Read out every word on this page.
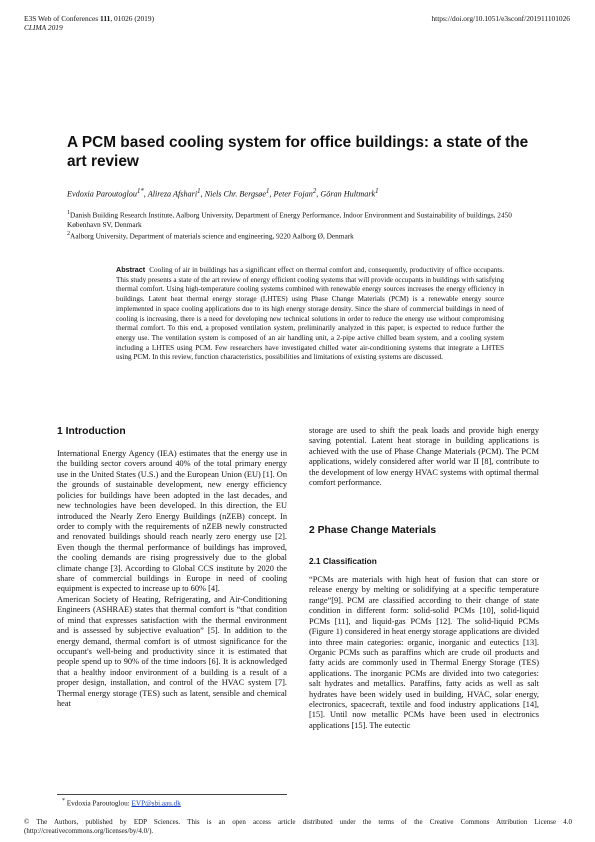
E3S Web of Conferences 111, 01026 (2019)
CLIMA 2019
https://doi.org/10.1051/e3sconf/201911101026
A PCM based cooling system for office buildings: a state of the art review
Evdoxia Paroutoglou$^{1*}$, Alireza Afshari$^1$, Niels Chr. Bergsøe$^1$, Peter Fojan$^2$, Göran Hultmark$^1$
$^1$Danish Building Research Institute, Aalborg University, Department of Energy Performance, Indoor Environment and Sustainability of buildings, 2450 København SV, Denmark
$^2$Aalborg University, Department of materials science and engineering, 9220 Aalborg Ø, Denmark
Abstract Cooling of air in buildings has a significant effect on thermal comfort and, consequently, productivity of office occupants. This study presents a state of the art review of energy efficient cooling systems that will provide occupants in buildings with satisfying thermal comfort. Using high-temperature cooling systems combined with renewable energy sources increases the energy efficiency in buildings. Latent heat thermal energy storage (LHTES) using Phase Change Materials (PCM) is a renewable energy source implemented in space cooling applications due to its high energy storage density. Since the share of commercial buildings in need of cooling is increasing, there is a need for developing new technical solutions in order to reduce the energy use without compromising thermal comfort. To this end, a proposed ventilation system, preliminarily analyzed in this paper, is expected to reduce further the energy use. The ventilation system is composed of an air handling unit, a 2-pipe active chilled beam system, and a cooling system including a LHTES using PCM. Few researchers have investigated chilled water air-conditioning systems that integrate a LHTES using PCM. In this review, function characteristics, possibilities and limitations of existing systems are discussed.
1 Introduction

International Energy Agency (IEA) estimates that the energy use in the building sector covers around 40% of the total primary energy use in the United States (U.S.) and the European Union (EU) [1]. On the grounds of sustainable development, new energy efficiency policies for buildings have been adopted in the last decades, and new technologies have been developed. In this direction, the EU introduced the Nearly Zero Energy Buildings (nZEB) concept. In order to comply with the requirements of nZEB newly constructed and renovated buildings should reach nearly zero energy use [2]. Even though the thermal performance of buildings has improved, the cooling demands are rising progressively due to the global climate change [3]. According to Global CCS institute by 2020 the share of commercial buildings in Europe in need of cooling equipment is expected to increase up to 60% [4].

American Society of Heating, Refrigerating, and Air-Conditioning Engineers (ASHRAE) states that thermal comfort is “that condition of mind that expresses satisfaction with the thermal environment and is assessed by subjective evaluation” [5]. In addition to the energy demand, thermal comfort is of utmost significance for the occupant's well-being and productivity since it is estimated that people spend up to 90% of the time indoors [6]. It is acknowledged that a healthy indoor environment of a building is a result of a proper design, installation, and control of the HVAC system [7]. Thermal energy storage (TES) such as latent, sensible and chemical heat

storage are used to shift the peak loads and provide high energy saving potential. Latent heat storage in building applications is achieved with the use of Phase Change Materials (PCM). The PCM applications, widely considered after world war II [8], contribute to the development of low energy HVAC systems with optimal thermal comfort performance.
2 Phase Change Materials
2.1 Classification
“PCMs are materials with high heat of fusion that can store or release energy by melting or solidifying at a specific temperature range”[9]. PCM are classified according to their change of state condition in different form: solid-solid PCMs [10], solid-liquid PCMs [11], and liquid-gas PCMs [12]. The solid-liquid PCMs (Figure 1) considered in heat energy storage applications are divided into three main categories: organic, inorganic and eutectics [13]. Organic PCMs such as paraffins which are crude oil products and fatty acids are commonly used in Thermal Energy Storage (TES) applications. The inorganic PCMs are divided into two categories: salt hydrates and metallics. Paraffins, fatty acids as well as salt hydrates have been widely used in building, HVAC, solar energy, electronics, spacecraft, textile and food industry applications [14],[15]. Until now metallic PCMs have been used in electronics applications [15]. The eutectic
* Evdoxia Paroutoglou: EVP@sbi.aau.dk
© The Authors, published by EDP Sciences. This is an open access article distributed under the terms of the Creative Commons Attribution License 4.0 (http://creativecommons.org/licenses/by/4.0/).
